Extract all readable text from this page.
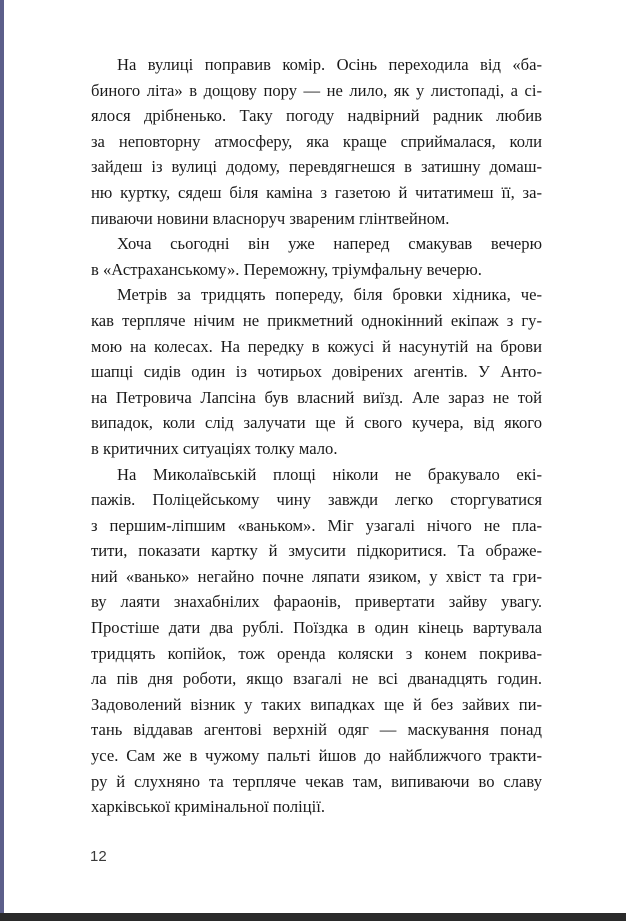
На вулиці поправив комір. Осінь переходила від «ба-
биного літа» в дощову пору — не лило, як у листопаді, а сі-
ялося дрібненько. Таку погоду надвірний радник любив
за неповторну атмосферу, яка краще сприймалася, коли
зайдеш із вулиці додому, перевдягнешся в затишну домаш-
ню куртку, сядеш біля каміна з газетою й читатимеш її, за-
пиваючи новини власноруч звареним глінтвейном.
Хоча сьогодні він уже наперед смакував вечерю
в «Астраханському». Переможну, тріумфальну вечерю.
Метрів за тридцять попереду, біля бровки хідника, че-
кав терпляче нічим не прикметний однокінний екіпаж з гу-
мою на колесах. На передку в кожусі й насунутій на брови
шапці сидів один із чотирьох довірених агентів. У Анто-
на Петровича Лапсіна був власний виїзд. Але зараз не той
випадок, коли слід залучати ще й свого кучера, від якого
в критичних ситуаціях толку мало.
На Миколаївській площі ніколи не бракувало екі-
пажів. Поліцейському чину завжди легко сторгуватися
з першим-ліпшим «ваньком». Міг узагалі нічого не пла-
тити, показати картку й змусити підкоритися. Та ображе-
ний «ванько» негайно почне ляпати язиком, у хвіст та гри-
ву лаяти знахабнілих фараонів, привертати зайву увагу.
Простіше дати два рублі. Поїздка в один кінець вартувала
тридцять копійок, тож оренда коляски з конем покрива-
ла пів дня роботи, якщо взагалі не всі дванадцять годин.
Задоволений візник у таких випадках ще й без зайвих пи-
тань віддавав агентові верхній одяг — маскування понад
усе. Сам же в чужому пальті йшов до найближчого тракти-
ру й слухняно та терпляче чекав там, випиваючи во славу
харківської кримінальної поліції.
12
